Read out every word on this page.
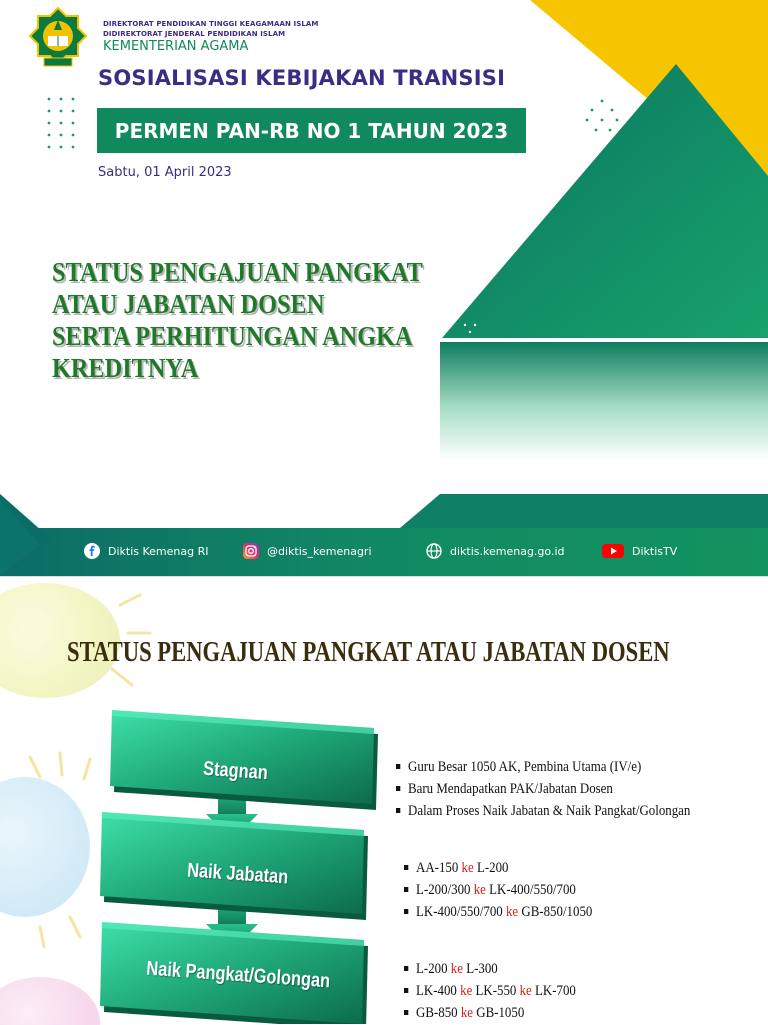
DIREKTORAT PENDIDIKAN TINGGI KEAGAMAAN ISLAM
DIDIREKTORAT JENDERAL PENDIDIKAN ISLAM
KEMENTERIAN AGAMA
SOSIALISASI KEBIJAKAN TRANSISI
PERMEN PAN-RB NO 1 TAHUN 2023
Sabtu, 01 April 2023
STATUS PENGAJUAN PANGKAT
ATAU JABATAN DOSEN
SERTA PERHITUNGAN ANGKA
KREDITNYA
Diktis Kemenag RI	@diktis_kemenagri	diktis.kemenag.go.id	DiktisTV
STATUS PENGAJUAN PANGKAT ATAU JABATAN DOSEN
Stagnan
Naik Jabatan
Naik Pangkat/Golongan
Guru Besar 1050 AK, Pembina Utama (IV/e)
Baru Mendapatkan PAK/Jabatan Dosen
Dalam Proses Naik Jabatan & Naik Pangkat/Golongan
AA-150 ke L-200
L-200/300 ke LK-400/550/700
LK-400/550/700 ke GB-850/1050
L-200 ke L-300
LK-400 ke LK-550 ke LK-700
GB-850 ke GB-1050
